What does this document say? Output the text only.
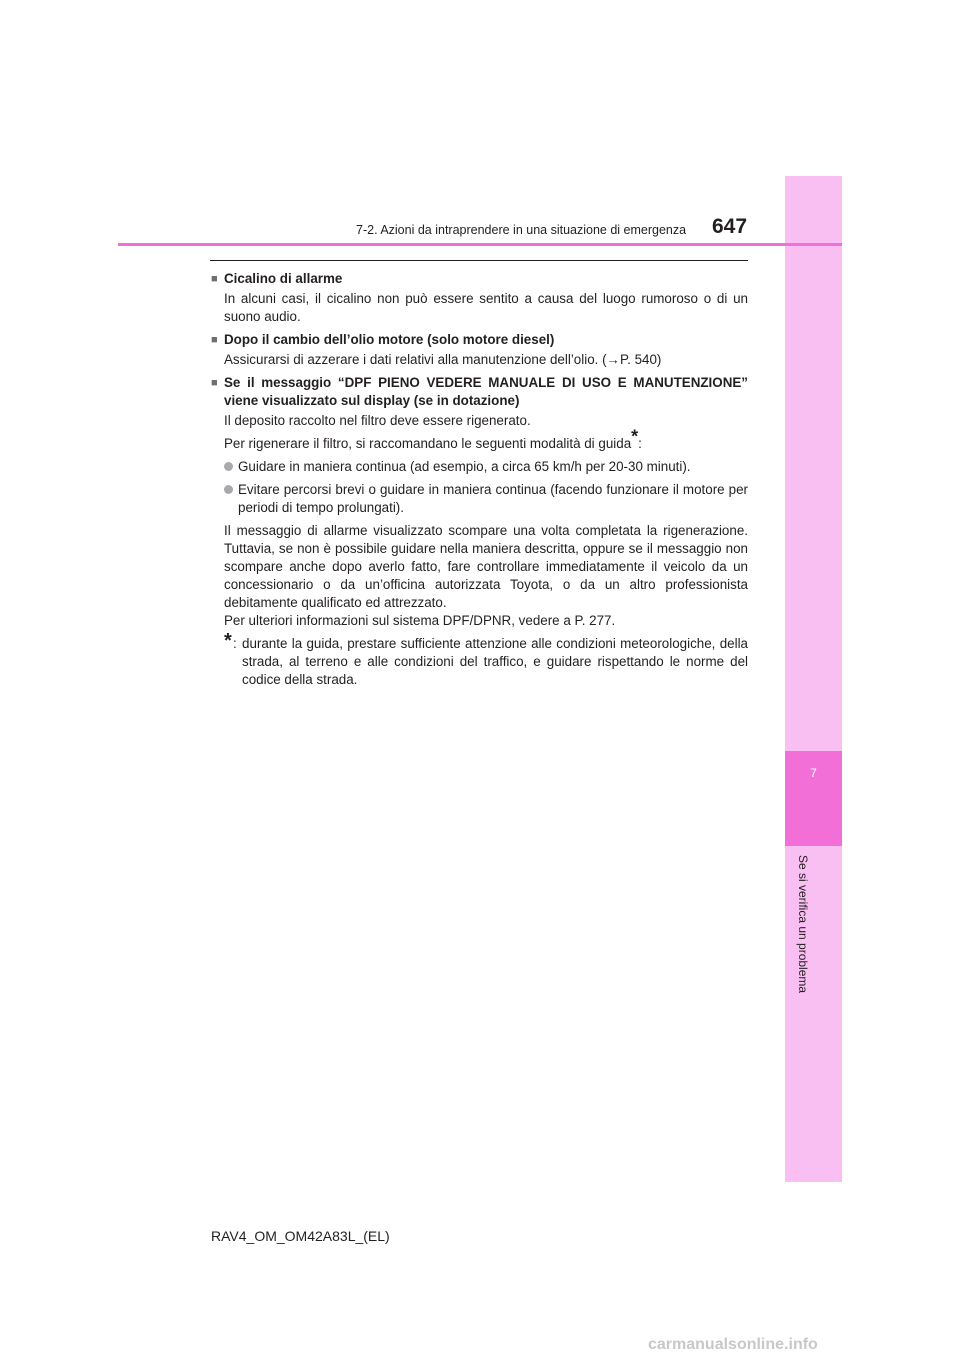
7
Se si verifica un problema
7-2. Azioni da intraprendere in una situazione di emergenza 647
■ Cicalino di allarme

In alcuni casi, il cicalino non può essere sentito a causa del luogo rumoroso o di un suono audio.

■ Dopo il cambio dell’olio motore (solo motore diesel)

Assicurarsi di azzerare i dati relativi alla manutenzione dell’olio. (→P. 540)

■ Se il messaggio “DPF PIENO VEDERE MANUALE DI USO E MANUTENZIONE” viene visualizzato sul display (se in dotazione)

Il deposito raccolto nel filtro deve essere rigenerato.

Per rigenerare il filtro, si raccomandano le seguenti modalità di guida*:

Guidare in maniera continua (ad esempio, a circa 65 km/h per 20-30 minuti).
Evitare percorsi brevi o guidare in maniera continua (facendo funzionare il motore per periodi di tempo prolungati).

Il messaggio di allarme visualizzato scompare una volta completata la rigenerazione. Tuttavia, se non è possibile guidare nella maniera descritta, oppure se il messaggio non scompare anche dopo averlo fatto, fare controllare immediatamente il veicolo da un concessionario o da un’officina autorizzata Toyota, o da un altro professionista debitamente qualificato ed attrezzato.

Per ulteriori informazioni sul sistema DPF/DPNR, vedere a P. 277.

* : durante la guida, prestare sufficiente attenzione alle condizioni meteorologiche, della strada, al terreno e alle condizioni del traffico, e guidare rispettando le norme del codice della strada.
RAV4_OM_OM42A83L_(EL)
carmanualsonline.info
